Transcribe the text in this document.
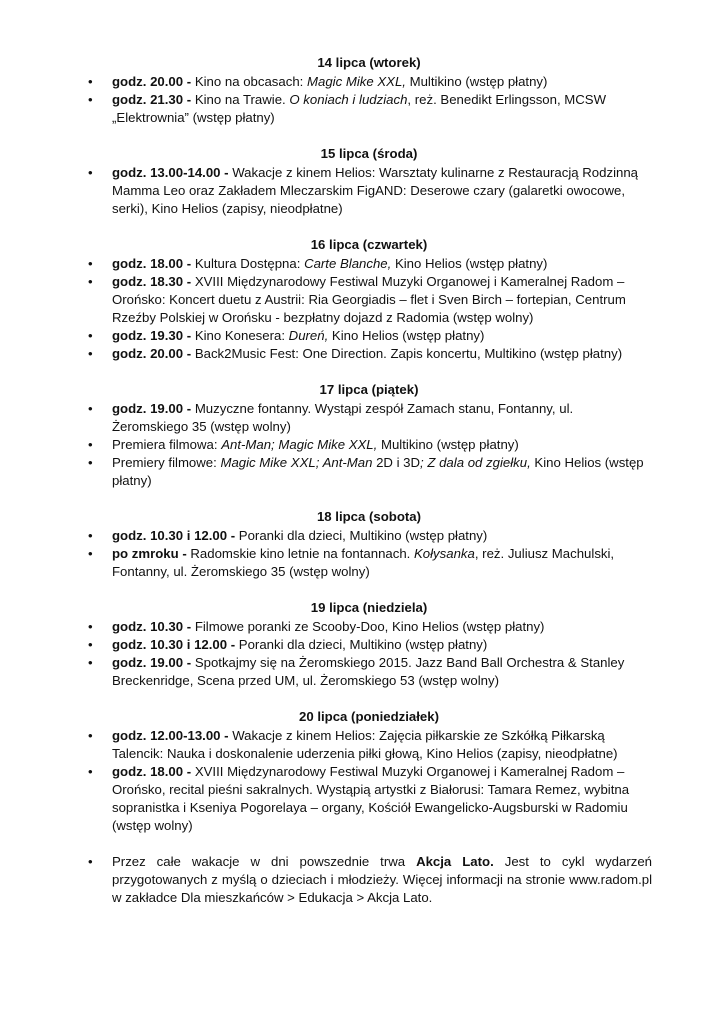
14 lipca (wtorek)
• godz. 20.00 - Kino na obcasach: Magic Mike XXL, Multikino (wstęp płatny)
• godz. 21.30 - Kino na Trawie. O koniach i ludziach, reż. Benedikt Erlingsson, MCSW „Elektrownia” (wstęp płatny)
15 lipca (środa)
• godz. 13.00-14.00 - Wakacje z kinem Helios: Warsztaty kulinarne z Restauracją Rodzinną Mamma Leo oraz Zakładem Mleczarskim FigAND: Deserowe czary (galaretki owocowe, serki), Kino Helios (zapisy, nieodpłatne)
16 lipca (czwartek)
• godz. 18.00 - Kultura Dostępna: Carte Blanche, Kino Helios (wstęp płatny)
• godz. 18.30 - XVIII Międzynarodowy Festiwal Muzyki Organowej i Kameralnej Radom – Orońsko: Koncert duetu z Austrii: Ria Georgiadis – flet i Sven Birch – fortepian, Centrum Rzeźby Polskiej w Orońsku - bezpłatny dojazd z Radomia (wstęp wolny)
• godz. 19.30 - Kino Konesera: Dureń, Kino Helios (wstęp płatny)
• godz. 20.00 - Back2Music Fest: One Direction. Zapis koncertu, Multikino (wstęp płatny)
17 lipca (piątek)
• godz. 19.00 - Muzyczne fontanny. Wystąpi zespół Zamach stanu, Fontanny, ul. Żeromskiego 35 (wstęp wolny)
• Premiera filmowa: Ant-Man; Magic Mike XXL, Multikino (wstęp płatny)
• Premiery filmowe: Magic Mike XXL; Ant-Man 2D i 3D; Z dala od zgiełku, Kino Helios (wstęp płatny)
18 lipca (sobota)
• godz. 10.30 i 12.00 - Poranki dla dzieci, Multikino (wstęp płatny)
• po zmroku - Radomskie kino letnie na fontannach. Kołysanka, reż. Juliusz Machulski, Fontanny, ul. Żeromskiego 35 (wstęp wolny)
19 lipca (niedziela)
• godz. 10.30 - Filmowe poranki ze Scooby-Doo, Kino Helios (wstęp płatny)
• godz. 10.30 i 12.00 - Poranki dla dzieci, Multikino (wstęp płatny)
• godz. 19.00 - Spotkajmy się na Żeromskiego 2015. Jazz Band Ball Orchestra & Stanley Breckenridge, Scena przed UM, ul. Żeromskiego 53 (wstęp wolny)
20 lipca (poniedziałek)
• godz. 12.00-13.00 - Wakacje z kinem Helios: Zajęcia piłkarskie ze Szkółką Piłkarską Talencik: Nauka i doskonalenie uderzenia piłki głową, Kino Helios (zapisy, nieodpłatne)
• godz. 18.00 - XVIII Międzynarodowy Festiwal Muzyki Organowej i Kameralnej Radom – Orońsko, recital pieśni sakralnych. Wystąpią artystki z Białorusi: Tamara Remez, wybitna sopranistka i Kseniya Pogorelaya – organy, Kościół Ewangelicko-Augsburski w Radomiu (wstęp wolny)
• Przez całe wakacje w dni powszednie trwa Akcja Lato. Jest to cykl wydarzeń przygotowanych z myślą o dzieciach i młodzieży. Więcej informacji na stronie www.radom.pl w zakładce Dla mieszkańców > Edukacja > Akcja Lato.
